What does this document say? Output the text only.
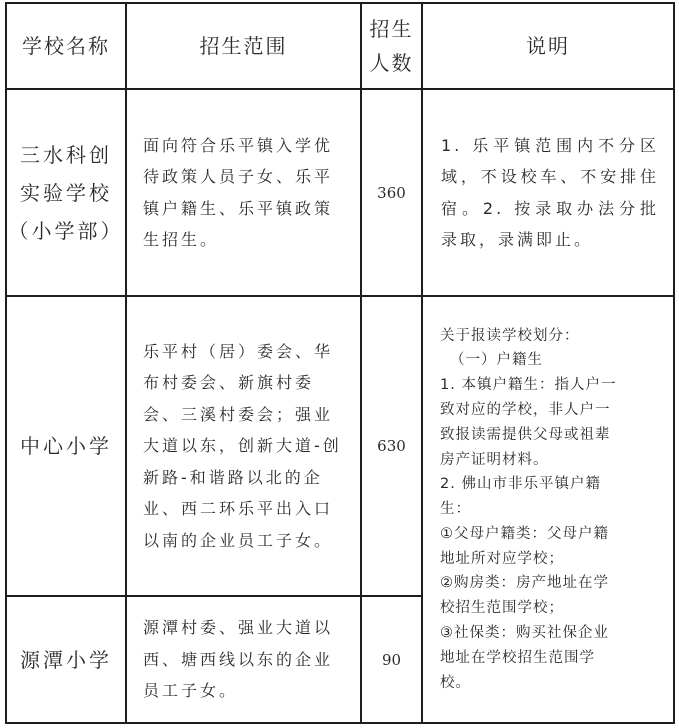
学校名称	招生范围
招生
人数
说明
三水科创
实验学校
（小学部）
面向符合乐平镇入学优待政策人员子女、乐平镇户籍生、乐平镇政策生招生。
360
1. 乐平镇范围内不分区域，不设校车、不安排住宿。2. 按录取办法分批录取，录满即止。
中心小学
乐平村（居）委会、华布村委会、新旗村委会、三溪村委会；强业大道以东，创新大道-创新路-和谐路以北的企业、西二环乐平出入口以南的企业员工子女。
630
源潭小学
源潭村委、强业大道以西、塘西线以东的企业员工子女。
90
关于报读学校划分：
（一）户籍生
1. 本镇户籍生：指人户一
致对应的学校，非人户一
致报读需提供父母或祖辈
房产证明材料。
2. 佛山市非乐平镇户籍
生：
①父母户籍类：父母户籍
地址所对应学校；
②购房类：房产地址在学
校招生范围学校；
③社保类：购买社保企业
地址在学校招生范围学
校。
